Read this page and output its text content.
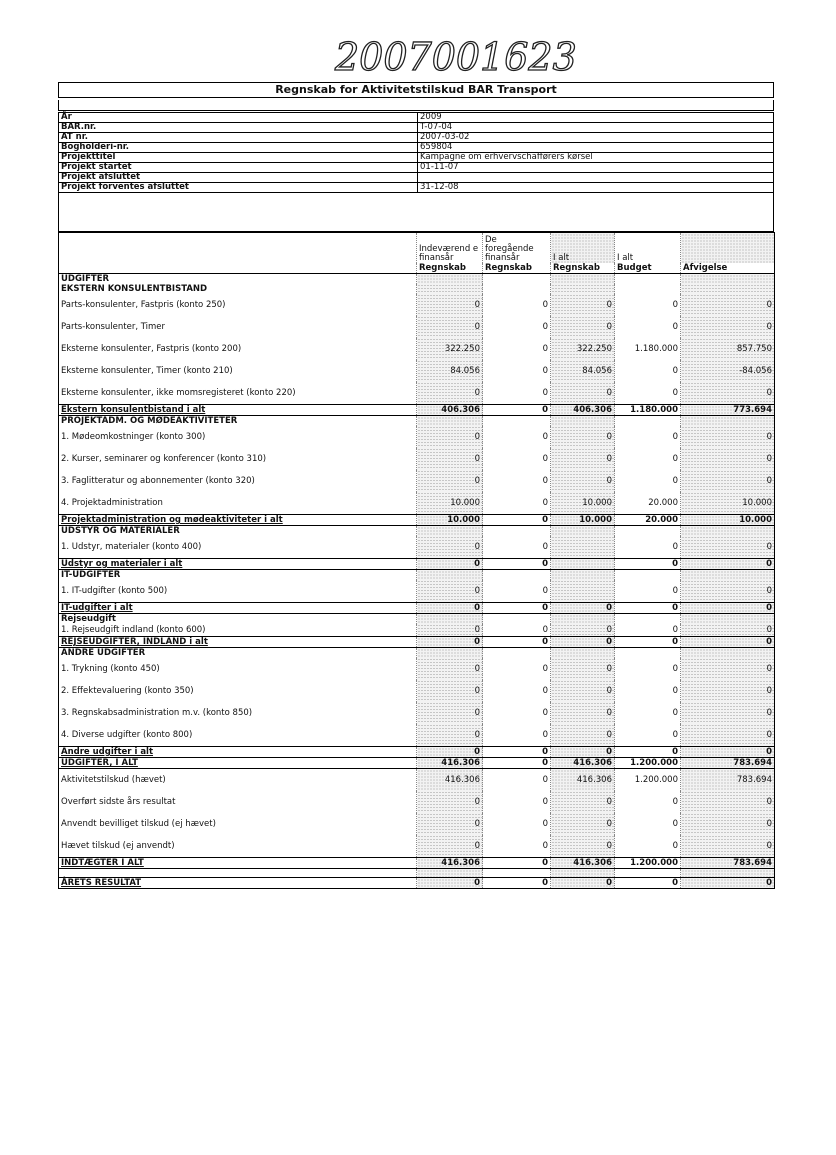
2007001623
Regnskab for Aktivitetstilskud BAR Transport
År	2009
BAR.nr.	T-07-04
AT nr.	2007-03-02
Bogholderi-nr.	659804
Projekttitel	Kampagne om erhvervschafførers kørsel
Projekt startet	01-11-07
Projekt afsluttet	
Projekt forventes afsluttet	31-12-08
	Indeværend e finansår	De foregående finansår	I alt	I alt	
	Regnskab	Regnskab	Regnskab	Budget	Afvigelse
UDGIFTER					
EKSTERN KONSULENTBISTAND					
Parts-konsulenter, Fastpris (konto 250)	0	0	0	0	0
Parts-konsulenter, Timer	0	0	0	0	0
Eksterne konsulenter, Fastpris (konto 200)	322.250	0	322.250	1.180.000	857.750
Eksterne konsulenter, Timer (konto 210)	84.056	0	84.056	0	-84.056
Eksterne konsulenter, ikke momsregisteret (konto 220)	0	0	0	0	0
Ekstern konsulentbistand i alt	406.306	0	406.306	1.180.000	773.694
PROJEKTADM. OG MØDEAKTIVITETER					
1. Mødeomkostninger (konto 300)	0	0	0	0	0
2. Kurser, seminarer og konferencer (konto 310)	0	0	0	0	0
3. Faglitteratur og abonnementer (konto 320)	0	0	0	0	0
4. Projektadministration	10.000	0	10.000	20.000	10.000
Projektadministration og mødeaktiviteter i alt	10.000	0	10.000	20.000	10.000
UDSTYR OG MATERIALER					
1. Udstyr, materialer (konto 400)	0	0		0	0
Udstyr og materialer i alt	0	0		0	0
IT-UDGIFTER					
1. IT-udgifter (konto 500)	0	0		0	0
IT-udgifter i alt	0	0	0	0	0
Rejseudgift					
1. Rejseudgift indland (konto 600)	0	0	0	0	0
REJSEUDGIFTER, INDLAND i alt	0	0	0	0	0
ANDRE UDGIFTER					
1. Trykning (konto 450)	0	0	0	0	0
2. Effektevaluering (konto 350)	0	0	0	0	0
3. Regnskabsadministration m.v. (konto 850)	0	0	0	0	0
4. Diverse udgifter (konto 800)	0	0	0	0	0
Andre udgifter i alt	0	0	0	0	0
UDGIFTER, I ALT	416.306	0	416.306	1.200.000	783.694
Aktivitetstilskud (hævet)	416.306	0	416.306	1.200.000	783.694
Overført sidste års resultat	0	0	0	0	0
Anvendt bevilliget tilskud (ej hævet)	0	0	0	0	0
Hævet tilskud (ej anvendt)	0	0	0	0	0
INDTÆGTER I ALT	416.306	0	416.306	1.200.000	783.694

ÅRETS RESULTAT	0	0	0	0	0
